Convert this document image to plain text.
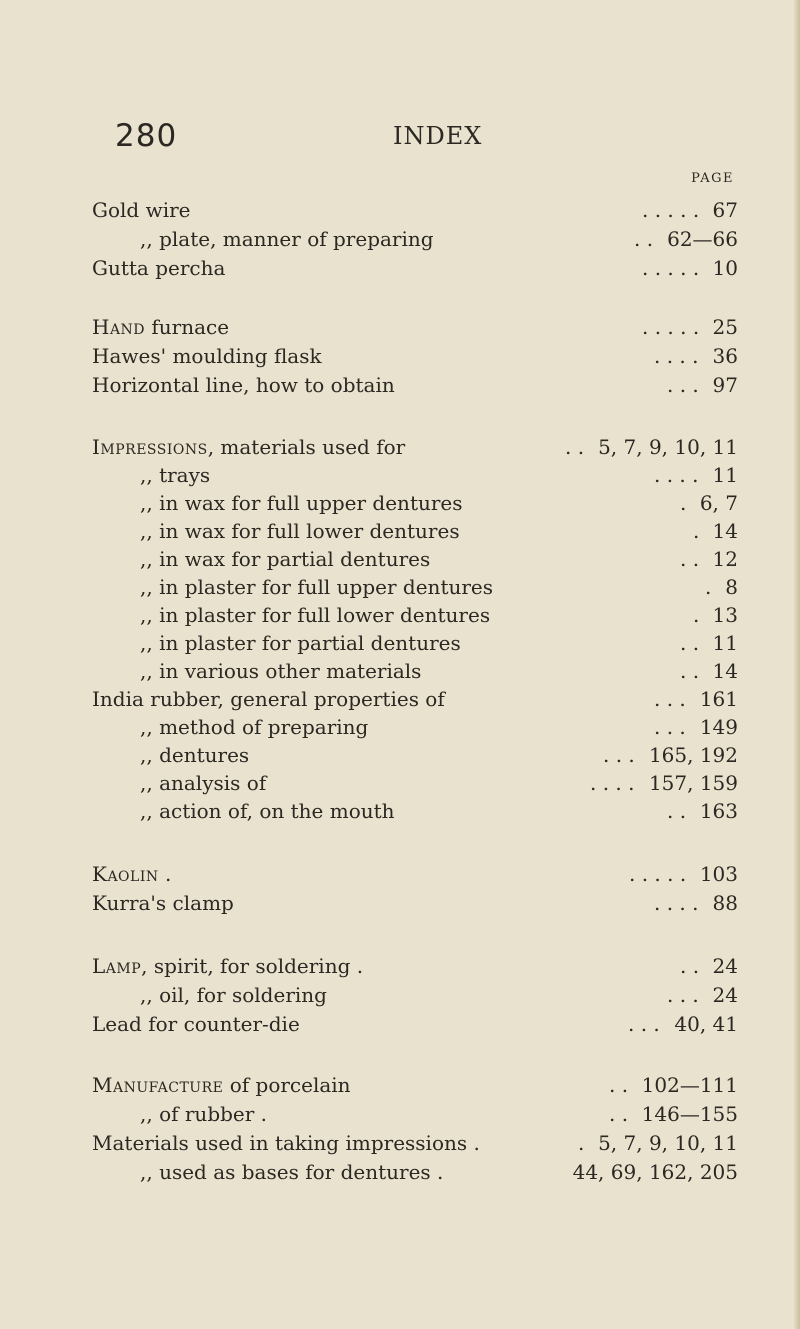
280	INDEX
PAGE
Gold wire	67
. . . . .
,, plate, manner of preparing	62—66
. .
Gutta percha	10
. . . . .
Hand furnace	25
. . . . .
Hawes' moulding flask	36
. . . .
Horizontal line, how to obtain	97
. . .
Impressions, materials used for	5, 7, 9, 10, 11
. .
,, trays	11
. . . .
,, in wax for full upper dentures	6, 7
.
,, in wax for full lower dentures	14
.
,, in wax for partial dentures	12
. .
,, in plaster for full upper dentures	8
.
,, in plaster for full lower dentures	13
.
,, in plaster for partial dentures	11
. .
,, in various other materials	14
. .
India rubber, general properties of	161
. . .
,, method of preparing	149
. . .
,, dentures	165, 192
. . .
,, analysis of	157, 159
. . . .
,, action of, on the mouth	163
. .
Kaolin .	103
. . . . .
Kurra's clamp	88
. . . .
Lamp, spirit, for soldering .	24
. .
,, oil, for soldering	24
. . .
Lead for counter-die	40, 41
. . .
Manufacture of porcelain	102—111
. .
,, of rubber .	146—155
. .
Materials used in taking impressions .	5, 7, 9, 10, 11
.
,, used as bases for dentures .	44, 69, 162, 205
